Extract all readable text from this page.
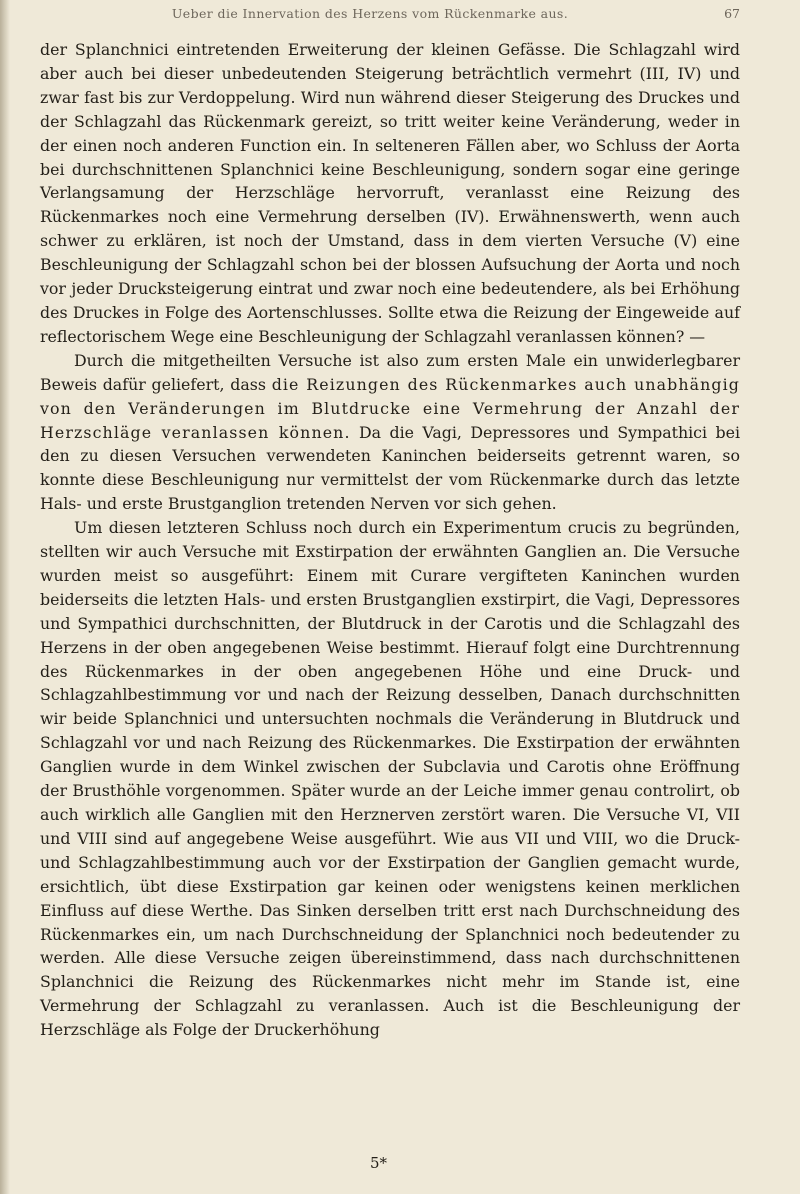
Ueber die Innervation des Herzens vom Rückenmarke aus.	67

der Splanchnici eintretenden Erweiterung der kleinen Gefässe. Die Schlagzahl wird aber auch bei dieser unbedeutenden Steigerung beträchtlich vermehrt (III, IV) und zwar fast bis zur Verdoppelung. Wird nun während dieser Steigerung des Druckes und der Schlagzahl das Rückenmark gereizt, so tritt weiter keine Veränderung, weder in der einen noch anderen Function ein. In selteneren Fällen aber, wo Schluss der Aorta bei durchschnittenen Splanchnici keine Beschleunigung, sondern sogar eine geringe Verlangsamung der Herzschläge hervorruft, veranlasst eine Reizung des Rückenmarkes noch eine Vermehrung derselben (IV). Erwähnenswerth, wenn auch schwer zu erklären, ist noch der Umstand, dass in dem vierten Versuche (V) eine Beschleunigung der Schlagzahl schon bei der blossen Aufsuchung der Aorta und noch vor jeder Drucksteigerung eintrat und zwar noch eine bedeutendere, als bei Erhöhung des Druckes in Folge des Aortenschlusses. Sollte etwa die Reizung der Eingeweide auf reflectorischem Wege eine Beschleunigung der Schlagzahl veranlassen können? —

Durch die mitgetheilten Versuche ist also zum ersten Male ein unwiderlegbarer Beweis dafür geliefert, dass die Reizungen des Rückenmarkes auch unabhängig von den Veränderungen im Blutdrucke eine Vermehrung der Anzahl der Herzschläge veranlassen können. Da die Vagi, Depressores und Sympathici bei den zu diesen Versuchen verwendeten Kaninchen beiderseits getrennt waren, so konnte diese Beschleunigung nur vermittelst der vom Rückenmarke durch das letzte Hals- und erste Brustganglion tretenden Nerven vor sich gehen.

Um diesen letzteren Schluss noch durch ein Experimentum crucis zu begründen, stellten wir auch Versuche mit Exstirpation der erwähnten Ganglien an. Die Versuche wurden meist so ausgeführt: Einem mit Curare vergifteten Kaninchen wurden beiderseits die letzten Hals- und ersten Brustganglien exstirpirt, die Vagi, Depressores und Sympathici durchschnitten, der Blutdruck in der Carotis und die Schlagzahl des Herzens in der oben angegebenen Weise bestimmt. Hierauf folgt eine Durchtrennung des Rückenmarkes in der oben angegebenen Höhe und eine Druck- und Schlagzahlbestimmung vor und nach der Reizung desselben, Danach durchschnitten wir beide Splanchnici und untersuchten nochmals die Veränderung in Blutdruck und Schlagzahl vor und nach Reizung des Rückenmarkes. Die Exstirpation der erwähnten Ganglien wurde in dem Winkel zwischen der Subclavia und Carotis ohne Eröffnung der Brusthöhle vorgenommen. Später wurde an der Leiche immer genau controlirt, ob auch wirklich alle Ganglien mit den Herznerven zerstört waren. Die Versuche VI, VII und VIII sind auf angegebene Weise ausgeführt. Wie aus VII und VIII, wo die Druck- und Schlagzahlbestimmung auch vor der Exstirpation der Ganglien gemacht wurde, ersichtlich, übt diese Exstirpation gar keinen oder wenigstens keinen merklichen Einfluss auf diese Werthe. Das Sinken derselben tritt erst nach Durchschneidung des Rückenmarkes ein, um nach Durchschneidung der Splanchnici noch bedeutender zu werden. Alle diese Versuche zeigen übereinstimmend, dass nach durchschnittenen Splanchnici die Reizung des Rückenmarkes nicht mehr im Stande ist, eine Vermehrung der Schlagzahl zu veranlassen. Auch ist die Beschleunigung der Herzschläge als Folge der Druckerhöhung

5*
